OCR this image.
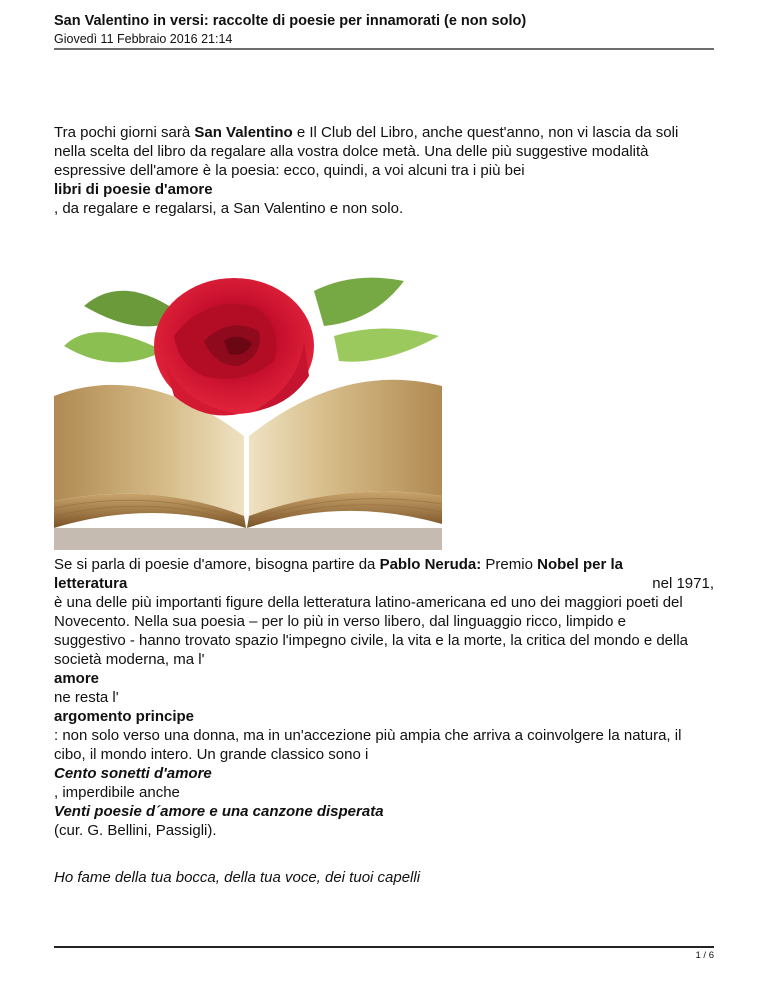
San Valentino in versi: raccolte di poesie per innamorati (e non solo)
Giovedì 11 Febbraio 2016 21:14
Tra pochi giorni sarà San Valentino e Il Club del Libro, anche quest'anno, non vi lascia da soli
nella scelta del libro da regalare alla vostra dolce metà. Una delle più suggestive modalità
espressive dell'amore è la poesia: ecco, quindi, a voi alcuni tra i più bei
libri di poesie d'amore
, da regalare e regalarsi, a San Valentino e non solo.
Se si parla di poesie d'amore, bisogna partire da Pablo Neruda: Premio Nobel per la
letteratura	nel 1971,
è una delle più importanti figure della letteratura latino-americana ed uno dei maggiori poeti del
Novecento. Nella sua poesia – per lo più in verso libero, dal linguaggio ricco, limpido e
suggestivo - hanno trovato spazio l'impegno civile, la vita e la morte, la critica del mondo e della
società moderna, ma l'
amore
ne resta l'
argomento principe
: non solo verso una donna, ma in un'accezione più ampia che arriva a coinvolgere la natura, il
cibo, il mondo intero. Un grande classico sono i
Cento sonetti d'amore
, imperdibile anche
Venti poesie d´amore e una canzone disperata
(cur. G. Bellini, Passigli).
Ho fame della tua bocca, della tua voce, dei tuoi capelli
1 / 6
